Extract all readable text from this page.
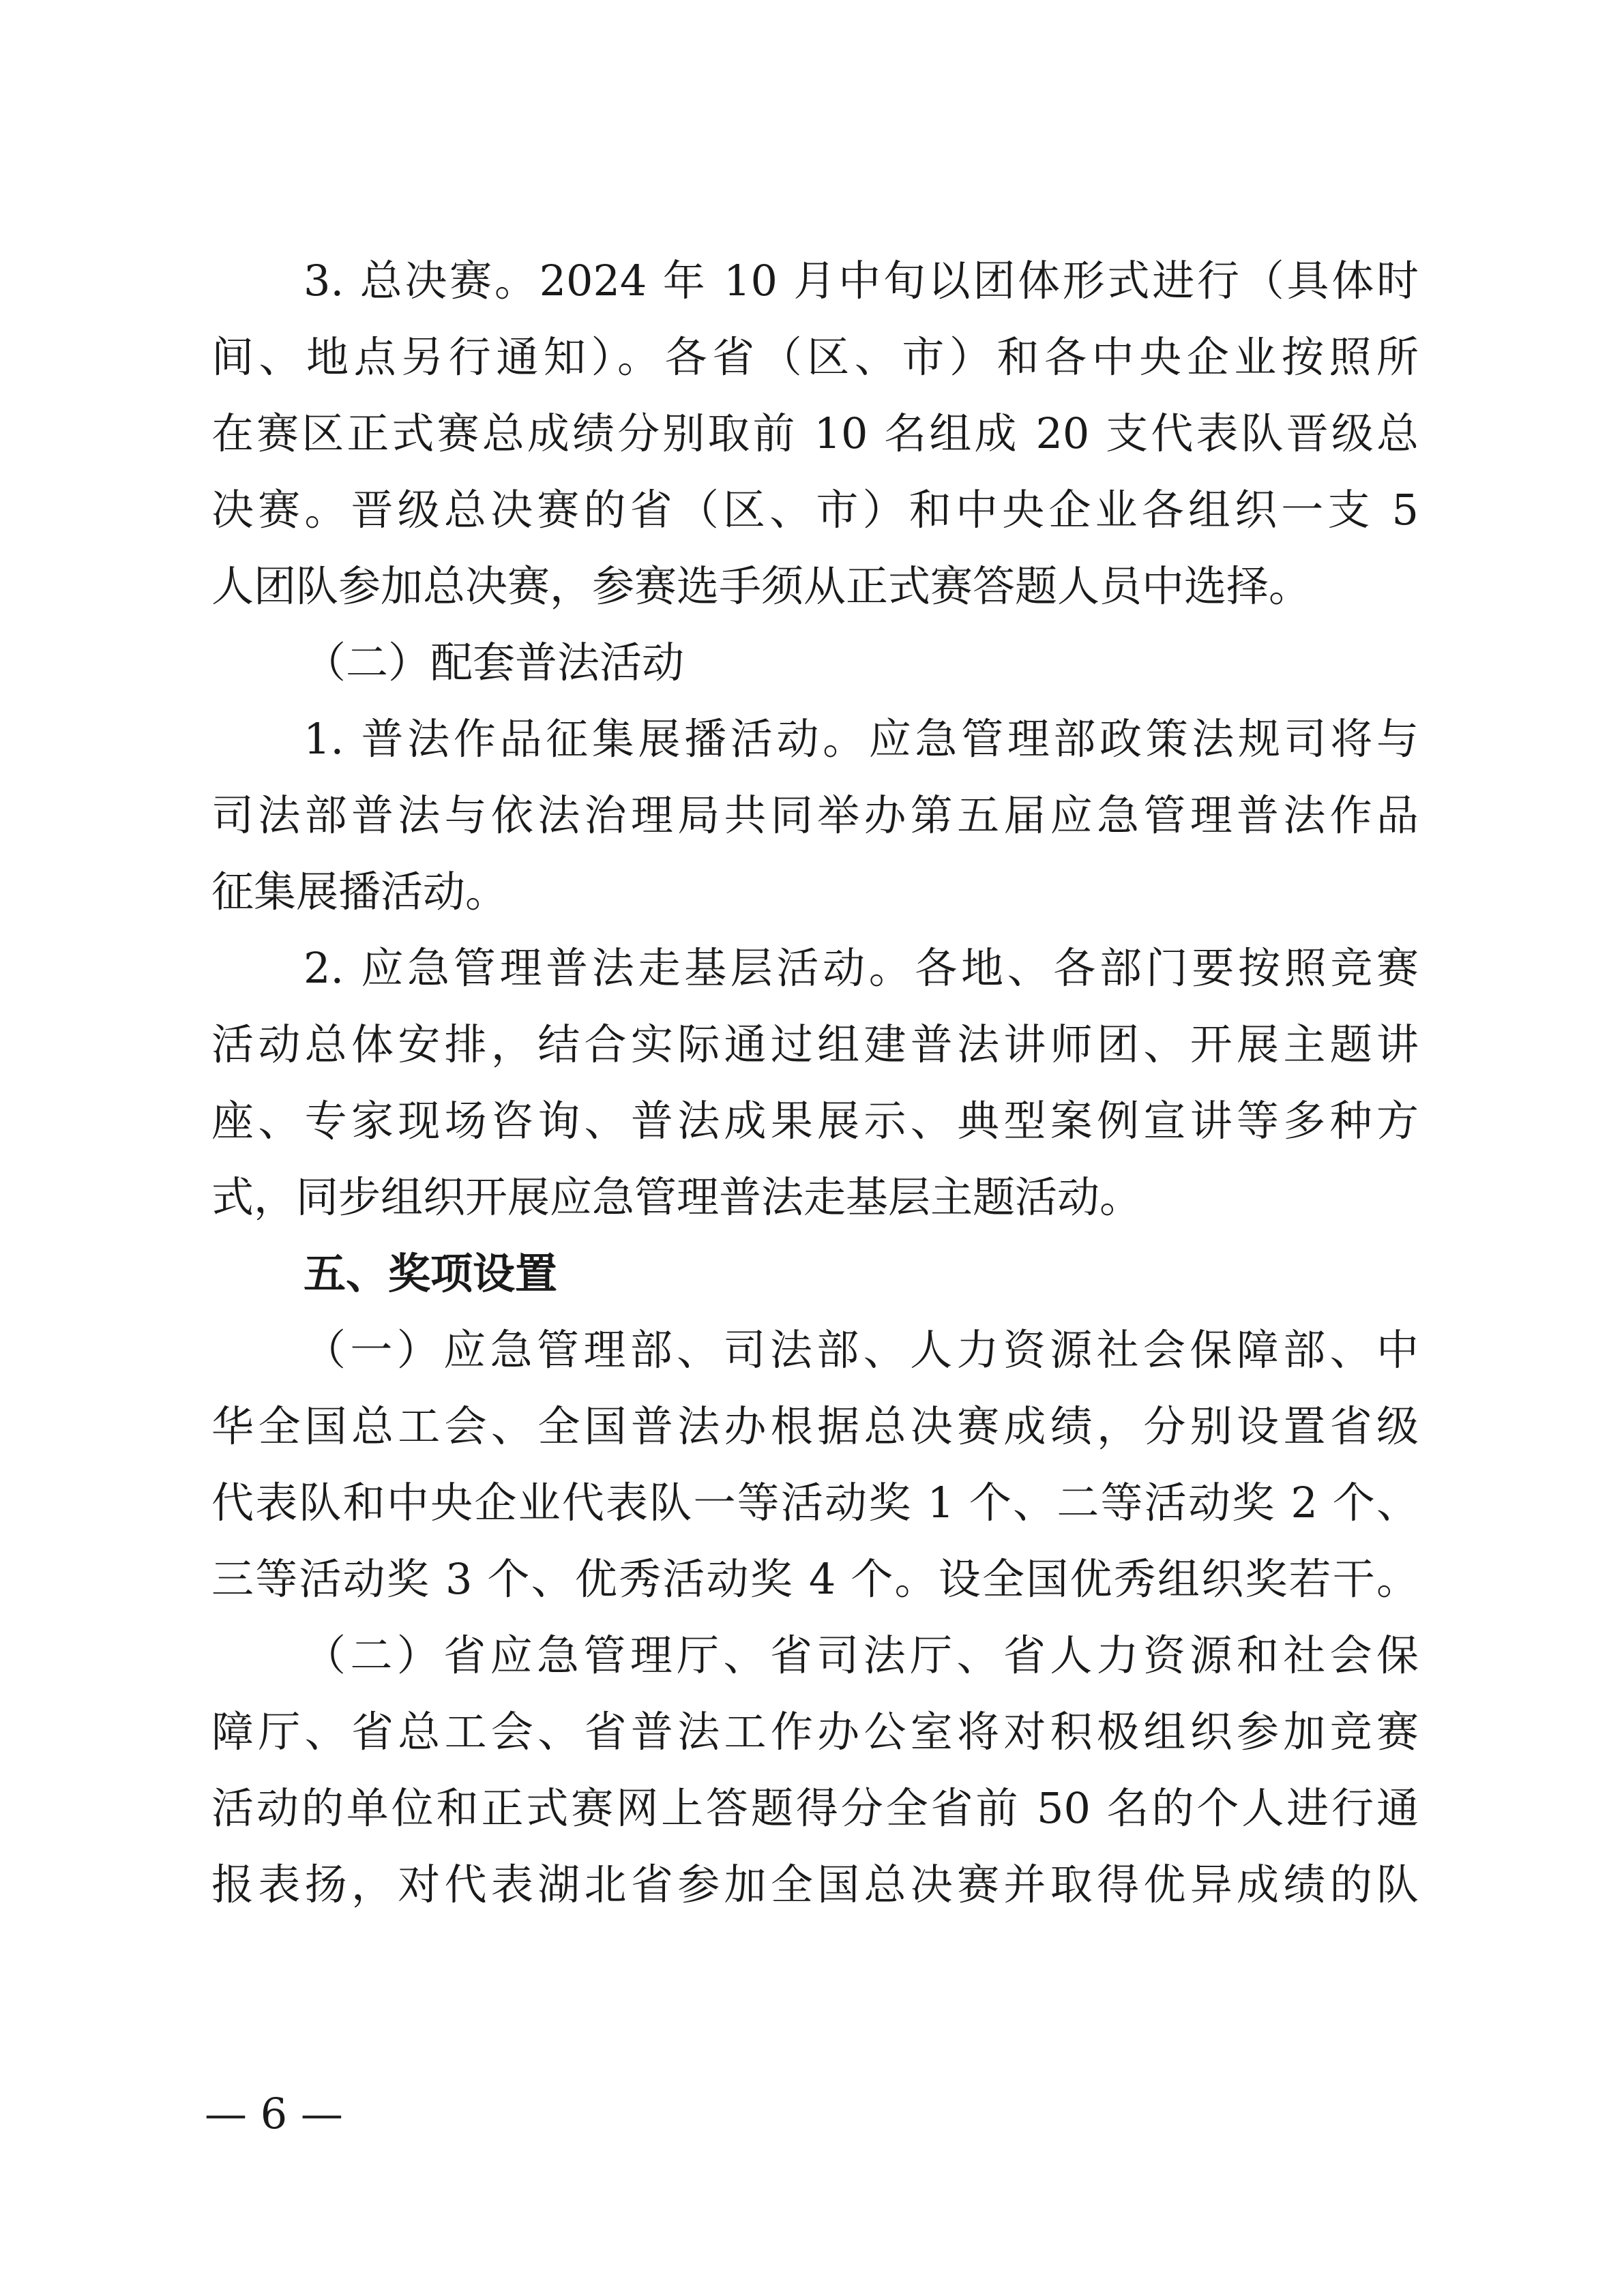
3. 总决赛。2024 年 10 月中旬以团体形式进行（具体时
间、地点另行通知）。各省（区、市）和各中央企业按照所
在赛区正式赛总成绩分别取前 10 名组成 20 支代表队晋级总
决赛。晋级总决赛的省（区、市）和中央企业各组织一支 5
人团队参加总决赛，参赛选手须从正式赛答题人员中选择。
（二）配套普法活动
1. 普法作品征集展播活动。应急管理部政策法规司将与
司法部普法与依法治理局共同举办第五届应急管理普法作品
征集展播活动。
2. 应急管理普法走基层活动。各地、各部门要按照竞赛
活动总体安排，结合实际通过组建普法讲师团、开展主题讲
座、专家现场咨询、普法成果展示、典型案例宣讲等多种方
式，同步组织开展应急管理普法走基层主题活动。
五、奖项设置
（一）应急管理部、司法部、人力资源社会保障部、中
华全国总工会、全国普法办根据总决赛成绩，分别设置省级
代表队和中央企业代表队一等活动奖 1 个、二等活动奖 2 个、
三等活动奖 3 个、优秀活动奖 4 个。设全国优秀组织奖若干。
（二）省应急管理厅、省司法厅、省人力资源和社会保
障厅、省总工会、省普法工作办公室将对积极组织参加竞赛
活动的单位和正式赛网上答题得分全省前 50 名的个人进行通
报表扬，对代表湖北省参加全国总决赛并取得优异成绩的队
— 6 —
